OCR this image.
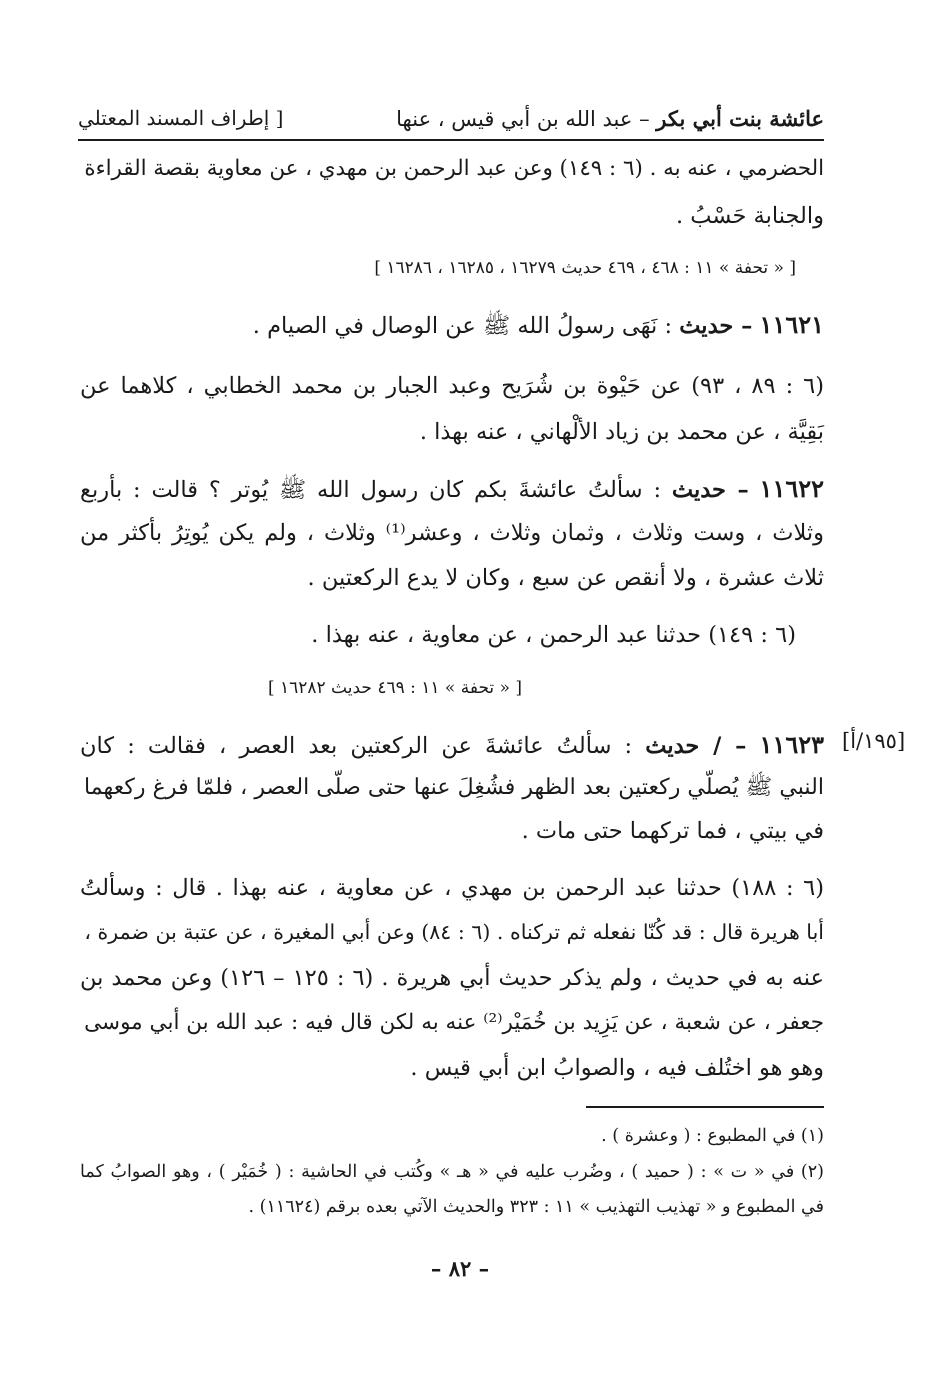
عائشة بنت أبي بكر – عبد الله بن أبي قيس ، عنها
[ إطراف المسند المعتلي
الحضرمي ، عنه به . (٦ : ١٤٩) وعن عبد الرحمن بن مهدي ، عن معاوية بقصة القراءة
والجنابة حَسْبُ .
[ « تحفة » ١١ : ٤٦٨ ، ٤٦٩ حديث ١٦٢٧٩ ، ١٦٢٨٥ ، ١٦٢٨٦ ]
١١٦٢١ – حديث : نَهَى رسولُ الله ﷺ عن الوصال في الصيام .
(٦ : ٨٩ ، ٩٣) عن حَيْوة بن شُرَيح وعبد الجبار بن محمد الخطابي ، كلاهما عن
بَقِيَّة ، عن محمد بن زياد الألْهاني ، عنه بهذا .
١١٦٢٢ – حديث : سألتُ عائشةَ بكم كان رسول الله ﷺ يُوتر ؟ قالت : بأربع
وثلاث ، وست وثلاث ، وثمان وثلاث ، وعشر⁽¹⁾ وثلاث ، ولم يكن يُوتِرُ بأكثر من
ثلاث عشرة ، ولا أنقص عن سبع ، وكان لا يدع الركعتين .
(٦ : ١٤٩) حدثنا عبد الرحمن ، عن معاوية ، عنه بهذا .
[ « تحفة » ١١ : ٤٦٩ حديث ١٦٢٨٢ ]
[١٩٥/أ]
١١٦٢٣ – / حديث : سألتُ عائشةَ عن الركعتين بعد العصر ، فقالت : كان
النبي ﷺ يُصلّي ركعتين بعد الظهر فشُغِلَ عنها حتى صلّى العصر ، فلمّا فرغ ركعهما
في بيتي ، فما تركهما حتى مات .
(٦ : ١٨٨) حدثنا عبد الرحمن بن مهدي ، عن معاوية ، عنه بهذا . قال : وسألتُ
أبا هريرة قال : قد كُنّا نفعله ثم تركناه . (٦ : ٨٤) وعن أبي المغيرة ، عن عتبة بن ضمرة ،
عنه به في حديث ، ولم يذكر حديث أبي هريرة . (٦ : ١٢٥ – ١٢٦) وعن محمد بن
جعفر ، عن شعبة ، عن يَزِيد بن خُمَيْر⁽²⁾ عنه به لكن قال فيه : عبد الله بن أبي موسى
وهو هو اختُلف فيه ، والصوابُ ابن أبي قيس .
(١) في المطبوع : ( وعشرة ) .
(٢) في « ت » : ( حميد ) ، وضُرب عليه في « هـ » وكُتب في الحاشية : ( خُمَيْر ) ، وهو الصوابُ كما
في المطبوع و « تهذيب التهذيب » ١١ : ٣٢٣ والحديث الآتي بعده برقم (١١٦٢٤) .
– ٨٢ –
